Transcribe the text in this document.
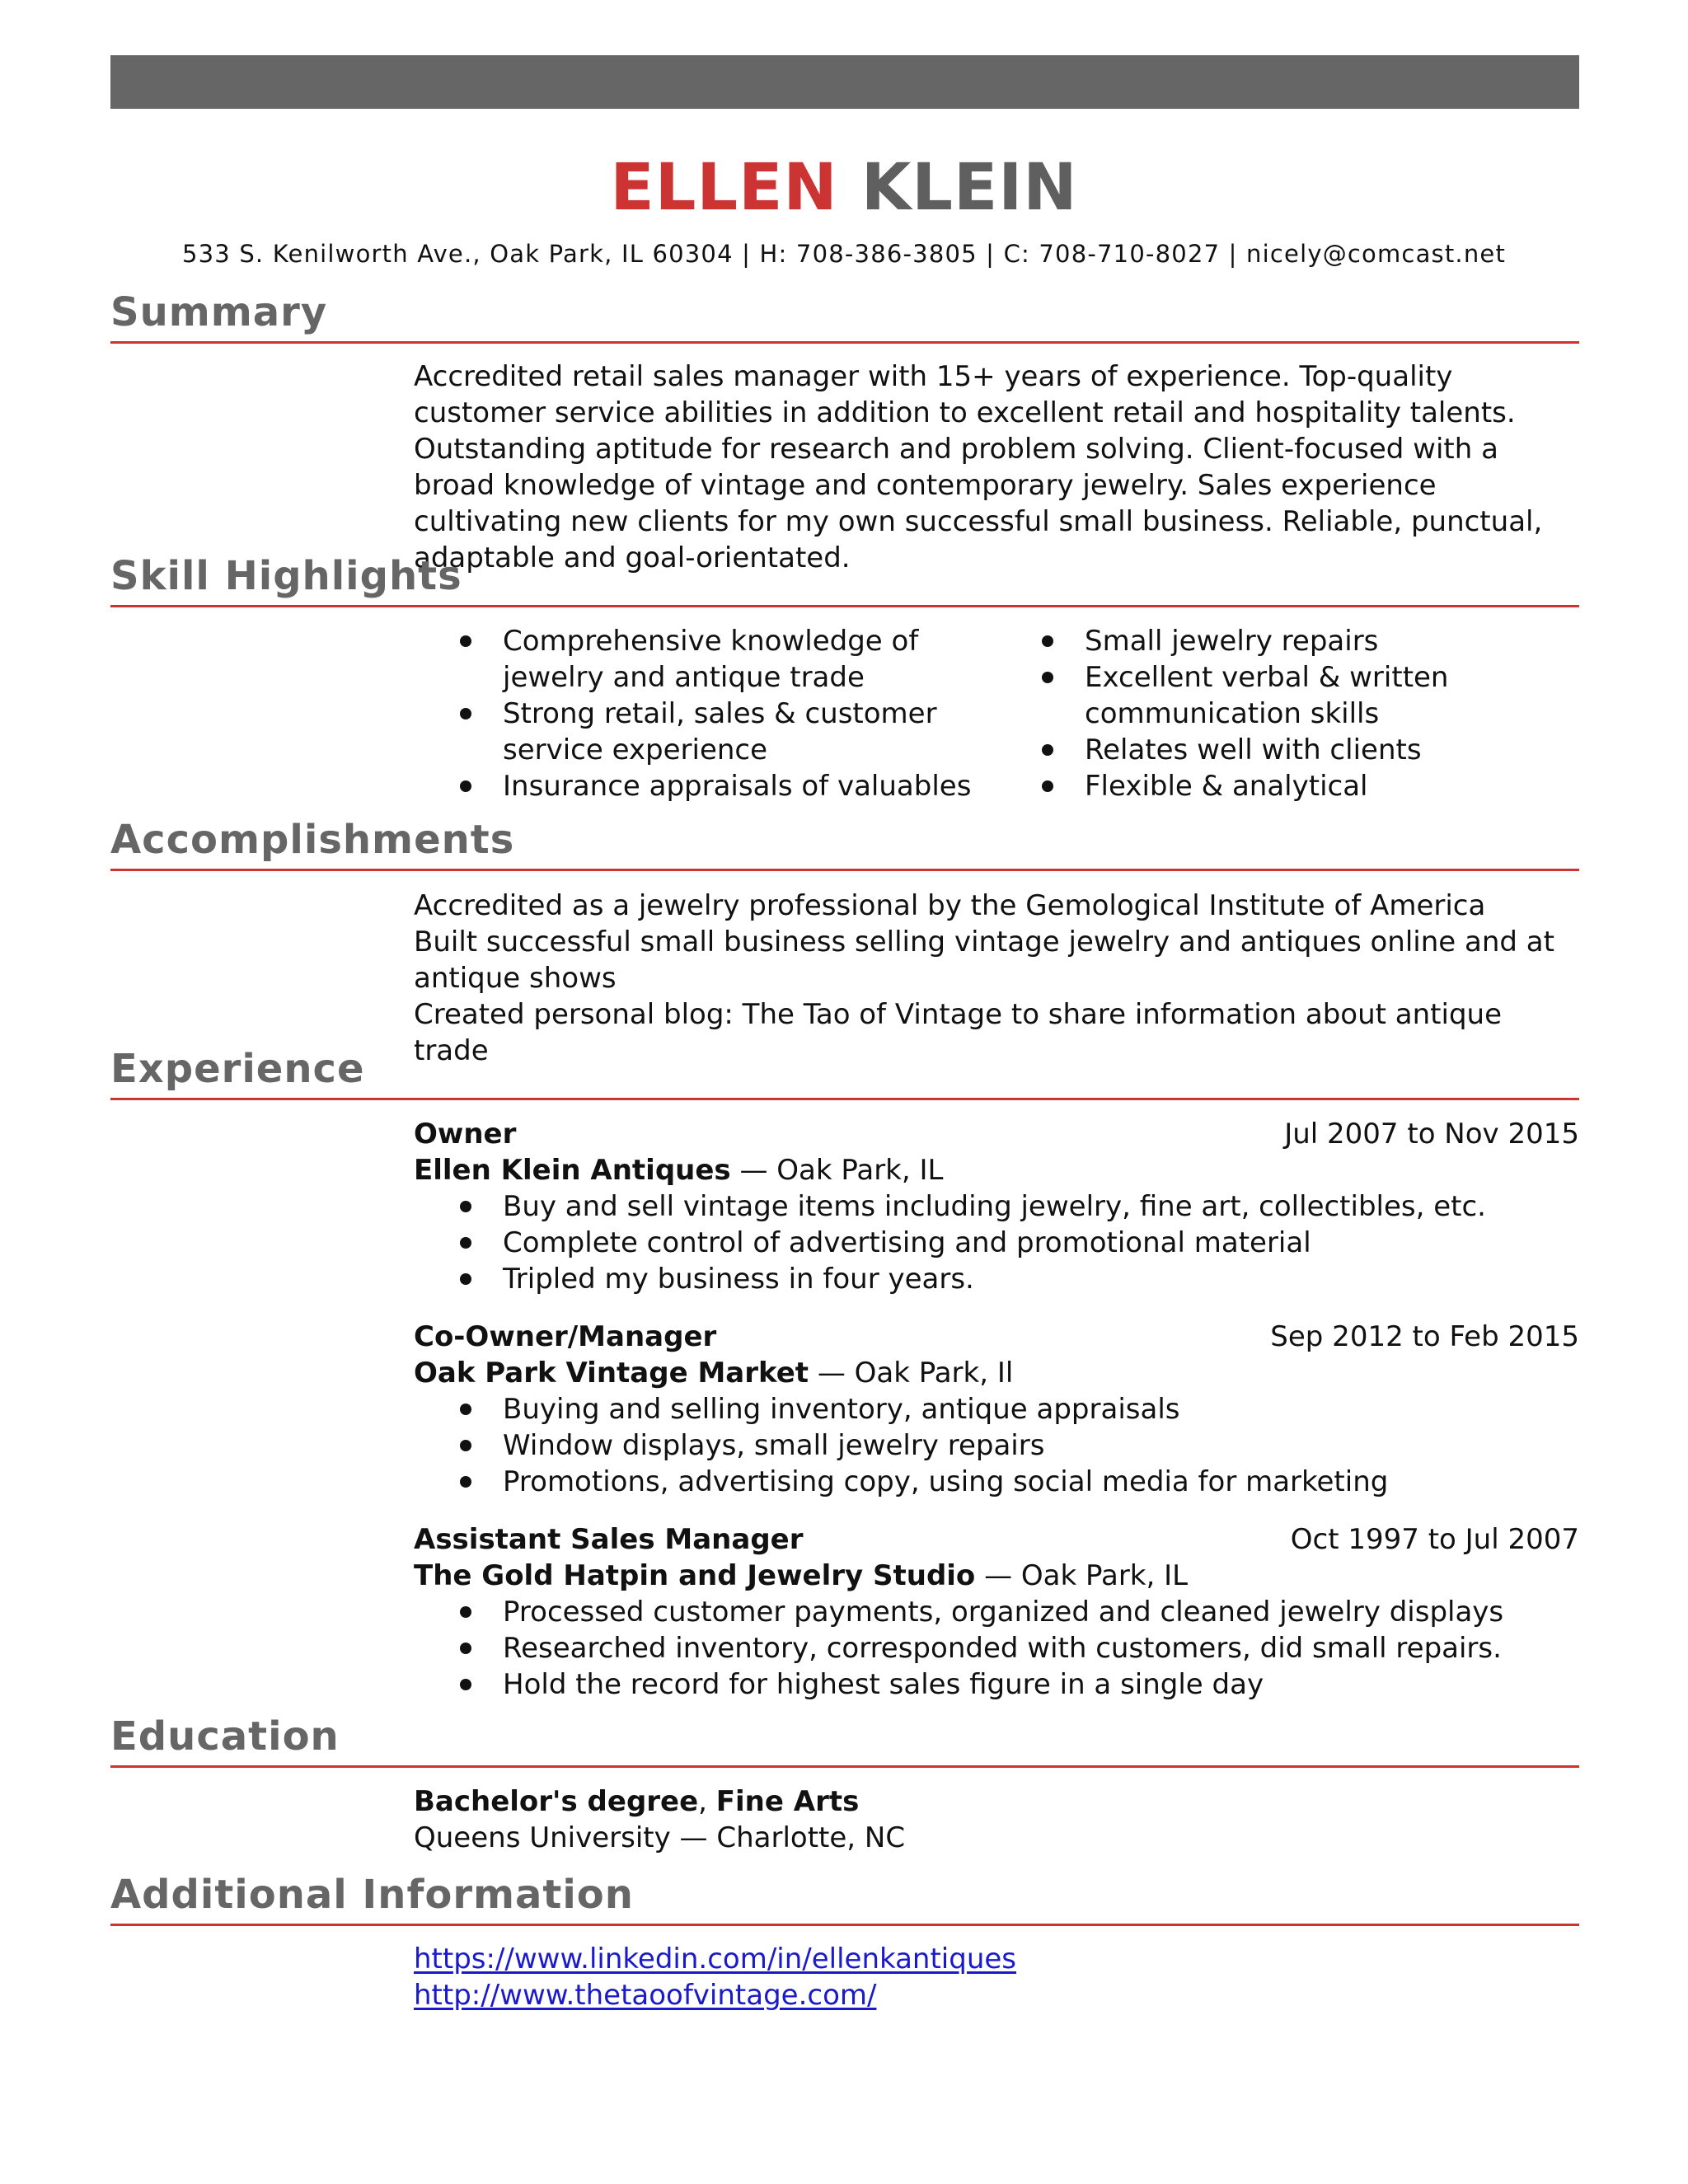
ELLEN KLEIN
533 S. Kenilworth Ave., Oak Park, IL 60304 | H: 708-386-3805 | C: 708-710-8027 | nicely@comcast.net
Summary

Accredited retail sales manager with 15+ years of experience. Top-quality customer service abilities in addition to excellent retail and hospitality talents. Outstanding aptitude for research and problem solving. Client-focused with a broad knowledge of vintage and contemporary jewelry. Sales experience cultivating new clients for my own successful small business. Reliable, punctual, adaptable and goal-orientated.

Skill Highlights
Comprehensive knowledge of jewelry and antique trade
Strong retail, sales & customer service experience
Insurance appraisals of valuables
Small jewelry repairs
Excellent verbal & written communication skills
Relates well with clients
Flexible & analytical
Accomplishments

Accredited as a jewelry professional by the Gemological Institute of America

Built successful small business selling vintage jewelry and antiques online and at antique shows

Created personal blog: The Tao of Vintage to share information about antique trade

Experience
Owner	Jul 2007 to Nov 2015
Ellen Klein Antiques — Oak Park, IL
Buy and sell vintage items including jewelry, fine art, collectibles, etc.
Complete control of advertising and promotional material
Tripled my business in four years.
Co-Owner/Manager	Sep 2012 to Feb 2015
Oak Park Vintage Market — Oak Park, Il
Buying and selling inventory, antique appraisals
Window displays, small jewelry repairs
Promotions, advertising copy, using social media for marketing
Assistant Sales Manager	Oct 1997 to Jul 2007
The Gold Hatpin and Jewelry Studio — Oak Park, IL
Processed customer payments, organized and cleaned jewelry displays
Researched inventory, corresponded with customers, did small repairs.
Hold the record for highest sales figure in a single day
Education
Bachelor's degree, Fine Arts
Queens University — Charlotte, NC
Additional Information
https://www.linkedin.com/in/ellenkantiques
http://www.thetaoofvintage.com/
